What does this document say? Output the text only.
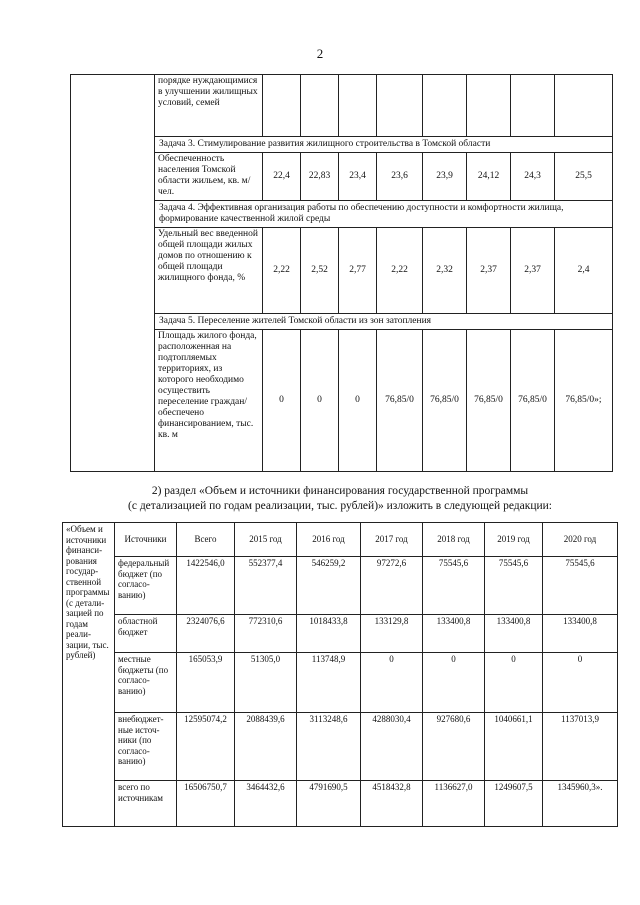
2
	порядке нуждающимися в улучшении жилищных условий, семей								
	Задача 3. Стимулирование развития жилищного строительства в Томской области								
	Обеспеченность населения Томской области жильем, кв. м/чел.	22,4	22,83	23,4	23,6	23,9	24,12	24,3	25,5
	Задача 4. Эффективная организация работы по обеспечению доступности и комфортности жилища, формирование качественной жилой среды								
	Удельный вес введенной общей площади жилых домов по отношению к общей площади жилищного фонда, %	2,22	2,52	2,77	2,22	2,32	2,37	2,37	2,4
	Задача 5. Переселение жителей Томской области из зон затопления								
	Площадь жилого фонда, расположенная на подтопляемых территориях, из которого необходимо осуществить переселение граждан/обеспечено финансированием, тыс. кв. м	0	0	0	76,85/0	76,85/0	76,85/0	76,85/0	76,85/0»;
2) раздел «Объем и источники финансирования государственной программы
(с детализацией по годам реализации, тыс. рублей)» изложить в следующей редакции:
«Объем и источники финанси-рования государ-ственной программы (с детали-зацией по годам реали-зации, тыс. рублей)	Источники	Всего	2015 год	2016 год	2017 год	2018 год	2019 год	2020 год
	федеральный бюджет (по согласо-ванию)	1422546,0	552377,4	546259,2	97272,6	75545,6	75545,6	75545,6
	областной бюджет	2324076,6	772310,6	1018433,8	133129,8	133400,8	133400,8	133400,8
	местные бюджеты (по согласо-ванию)	165053,9	51305,0	113748,9	0	0	0	0
	внебюджет-ные источ-ники (по согласо-ванию)	12595074,2	2088439,6	3113248,6	4288030,4	927680,6	1040661,1	1137013,9
	всего по источникам	16506750,7	3464432,6	4791690,5	4518432,8	1136627,0	1249607,5	1345960,3».
